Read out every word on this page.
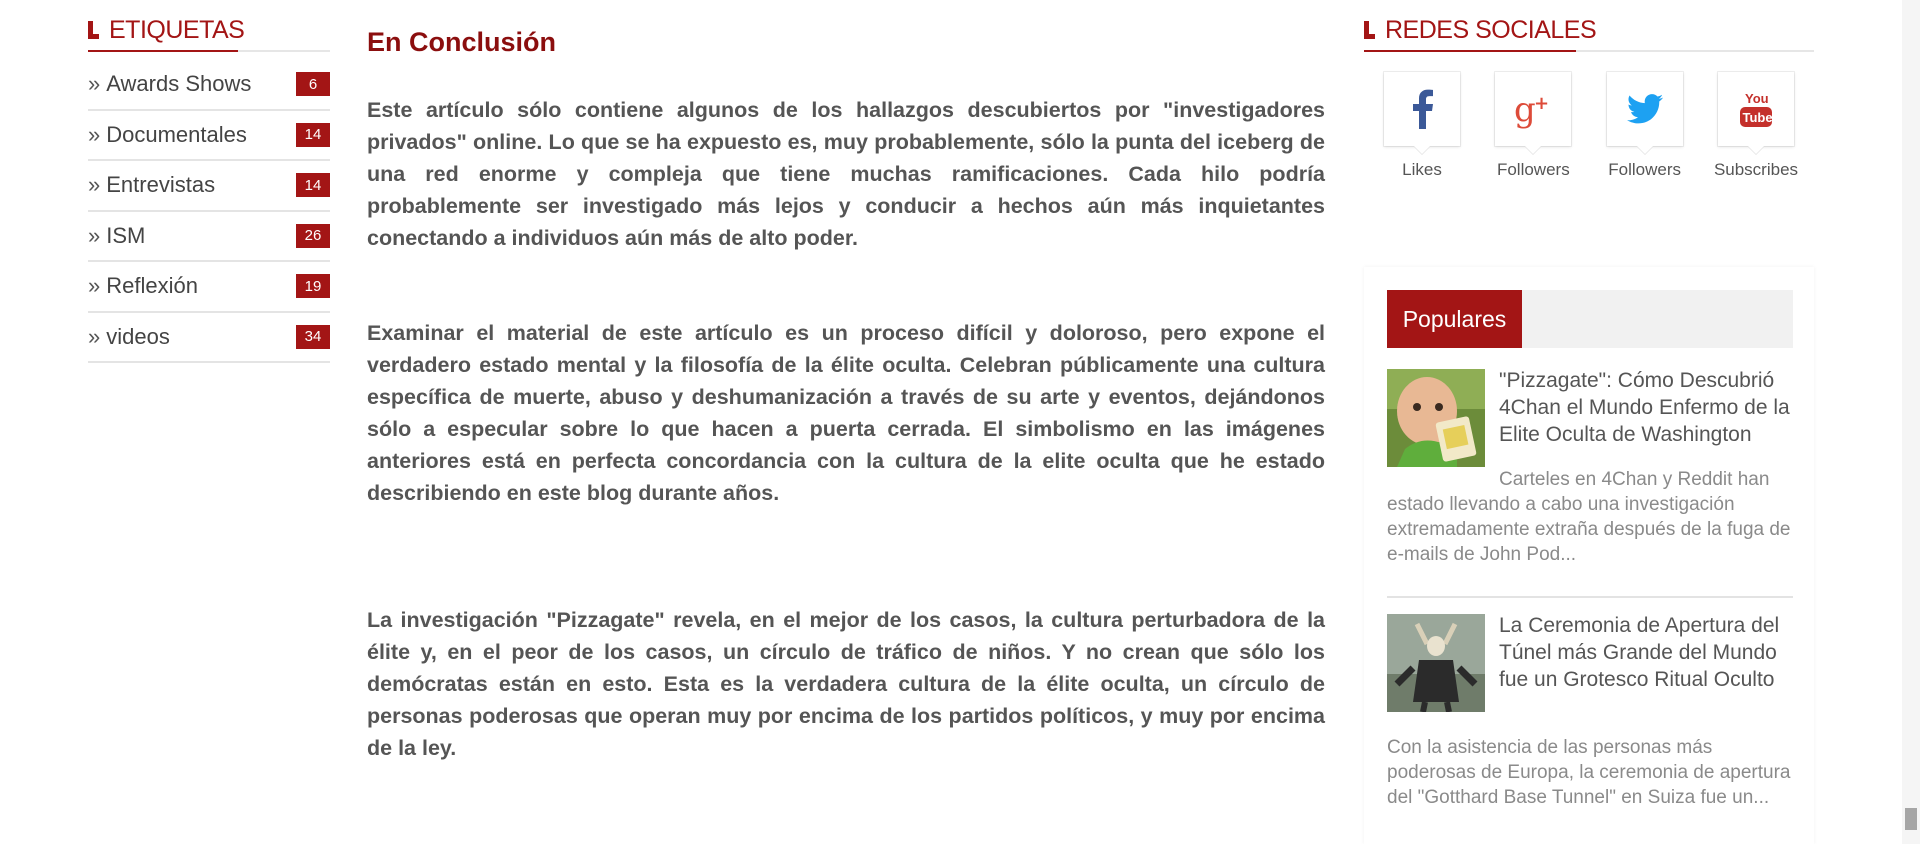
ETIQUETAS
» Awards Shows	6
» Documentales	14
» Entrevistas	14
» ISM	26
» Reflexión	19
» videos	34
En Conclusión

Este artículo sólo contiene algunos de los hallazgos descubiertos por "investigadores privados" online. Lo que se ha expuesto es, muy probablemente, sólo la punta del iceberg de una red enorme y compleja que tiene muchas ramificaciones. Cada hilo podría probablemente ser investigado más lejos y conducir a hechos aún más inquietantes conectando a individuos aún más de alto poder.

Examinar el material de este artículo es un proceso difícil y doloroso, pero expone el verdadero estado mental y la filosofía de la élite oculta. Celebran públicamente una cultura específica de muerte, abuso y deshumanización a través de su arte y eventos, dejándonos sólo a especular sobre lo que hacen a puerta cerrada. El simbolismo en las imágenes anteriores está en perfecta concordancia con la cultura de la elite oculta que he estado describiendo en este blog durante años.

La investigación "Pizzagate" revela, en el mejor de los casos, la cultura perturbadora de la élite y, en el peor de los casos, un círculo de tráfico de niños. Y no crean que sólo los demócratas están en esto. Esta es la verdadera cultura de la élite oculta, un círculo de personas poderosas que operan muy por encima de los partidos políticos, y muy por encima de la ley.

REDES SOCIALES
Likes
g
+
Followers Followers
You
Tube
Subscribes
Populares
"Pizzagate": Cómo Descubrió 4Chan el Mundo Enfermo de la Elite Oculta de Washington
Carteles en 4Chan y Reddit han estado llevando a cabo una investigación extremadamente extraña después de la fuga de e-mails de John Pod...
La Ceremonia de Apertura del Túnel más Grande del Mundo fue un Grotesco Ritual Oculto
Con la asistencia de las personas más poderosas de Europa, la ceremonia de apertura del "Gotthard Base Tunnel" en Suiza fue un...
